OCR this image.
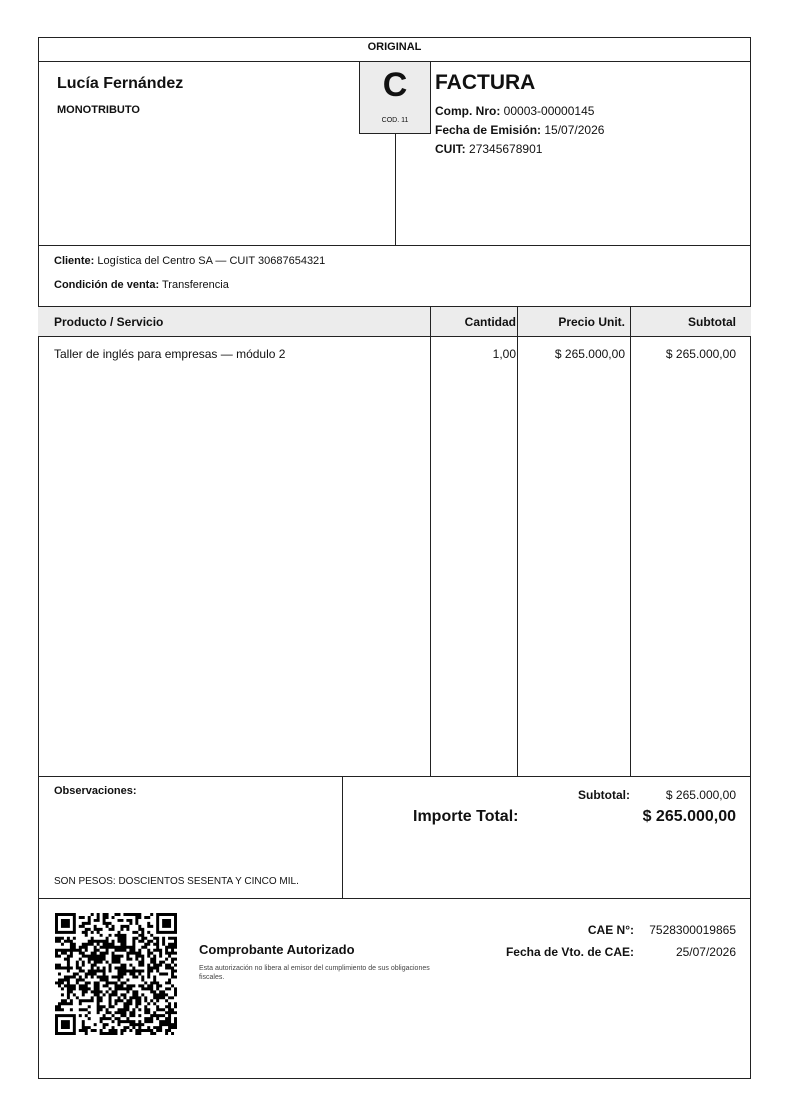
ORIGINAL
Lucía Fernández
MONOTRIBUTO
C
COD. 11
FACTURA
Comp. Nro: 00003-00000145
Fecha de Emisión: 15/07/2026
CUIT: 27345678901
Cliente: Logística del Centro SA — CUIT 30687654321
Condición de venta: Transferencia
Producto / Servicio	Cantidad	Precio Unit.	Subtotal
Taller de inglés para empresas — módulo 2	1,00	$ 265.000,00	$ 265.000,00
Observaciones:
SON PESOS: DOSCIENTOS SESENTA Y CINCO MIL.
Subtotal:	$ 265.000,00
Importe Total:	$ 265.000,00
Comprobante Autorizado
Esta autorización no libera al emisor del cumplimiento de sus obligaciones fiscales.
CAE N°:	7528300019865
Fecha de Vto. de CAE:	25/07/2026
